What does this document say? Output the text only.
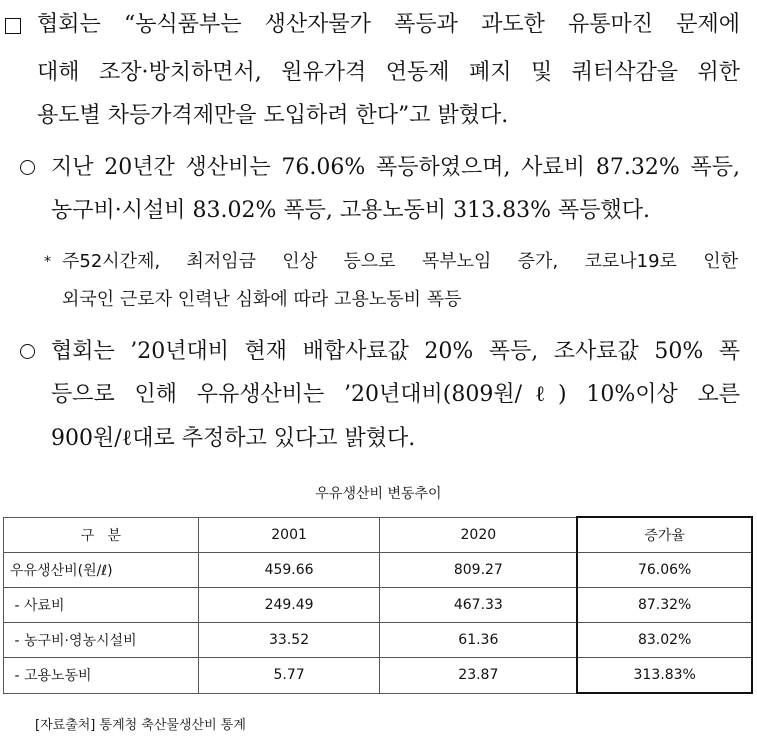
협회는 “농식품부는 생산자물가 폭등과 과도한 유통마진 문제에
대해 조장·방치하면서, 원유가격 연동제 폐지 및 쿼터삭감을 위한
용도별 차등가격제만을 도입하려 한다”고 밝혔다.
지난 20년간 생산비는 76.06% 폭등하였으며, 사료비 87.32% 폭등,
농구비·시설비 83.02% 폭등, 고용노동비 313.83% 폭등했다.
* 주52시간제, 최저임금 인상 등으로 목부노임 증가, 코로나19로 인한
외국인 근로자 인력난 심화에 따라 고용노동비 폭등
협회는 ’20년대비 현재 배합사료값 20% 폭등, 조사료값 50% 폭
등으로 인해 우유생산비는 ’20년대비(809원/ℓ) 10%이상 오른
900원/ℓ대로 추정하고 있다고 밝혔다.
우유생산비 변동추이
구   분	2001	2020	증가율
우유생산비(원/ℓ)	459.66	809.27	76.06%
- 사료비	249.49	467.33	87.32%
- 농구비·영농시설비	33.52	61.36	83.02%
- 고용노동비	5.77	23.87	313.83%
[자료출처] 통계청 축산물생산비 통계
